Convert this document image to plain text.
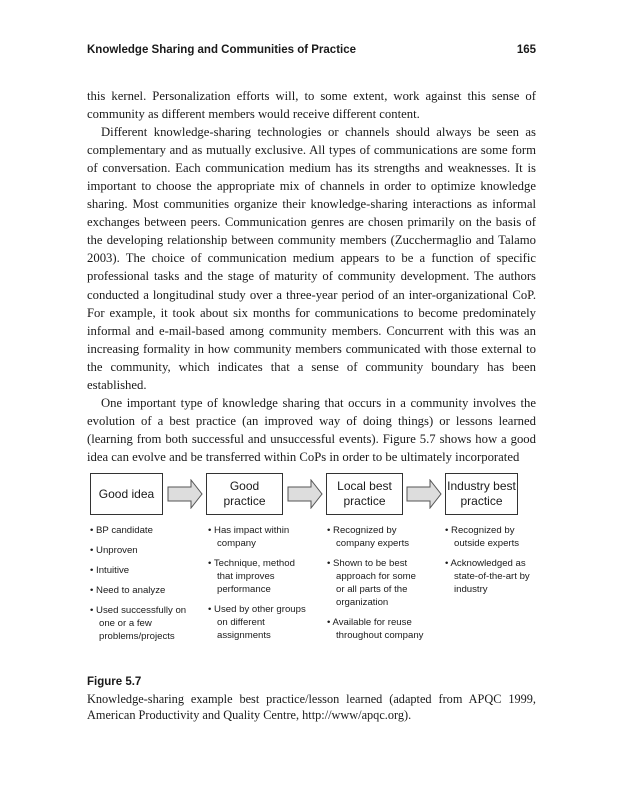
Knowledge Sharing and Communities of Practice	165

this kernel. Personalization efforts will, to some extent, work against this sense of community as different members would receive different content.

Different knowledge-sharing technologies or channels should always be seen as complementary and as mutually exclusive. All types of communications are some form of conversation. Each communication medium has its strengths and weaknesses. It is important to choose the appropriate mix of channels in order to optimize knowledge sharing. Most communities organize their knowledge-sharing interactions as informal exchanges between peers. Communication genres are chosen primarily on the basis of the developing relationship between community members (Zucchermaglio and Talamo 2003). The choice of communication medium appears to be a function of specific professional tasks and the stage of maturity of community development. The authors conducted a longitudinal study over a three-year period of an inter-organizational CoP. For example, it took about six months for communications to become predominately informal and e-mail-based among community members. Concurrent with this was an increasing formality in how community members communicated with those external to the community, which indicates that a sense of community boundary has been established.

One important type of knowledge sharing that occurs in a community involves the evolution of a best practice (an improved way of doing things) or lessons learned (learning from both successful and unsuccessful events). Figure 5.7 shows how a good idea can evolve and be transferred within CoPs in order to be ultimately incorporated

Good idea
Good practice
Local best practice
Industry best practice
• BP candidate
• Unproven
• Intuitive
• Need to analyze
• Used successfully on one or a few problems/projects
• Has impact within company
• Technique, method that improves performance
• Used by other groups on different assignments
• Recognized by company experts
• Shown to be best approach for some or all parts of the organization
• Available for reuse throughout company
• Recognized by outside experts
• Acknowledged as state-of-the-art by industry
Figure 5.7
Knowledge-sharing example best practice/lesson learned (adapted from APQC 1999, American Productivity and Quality Centre, http://www/apqc.org).
